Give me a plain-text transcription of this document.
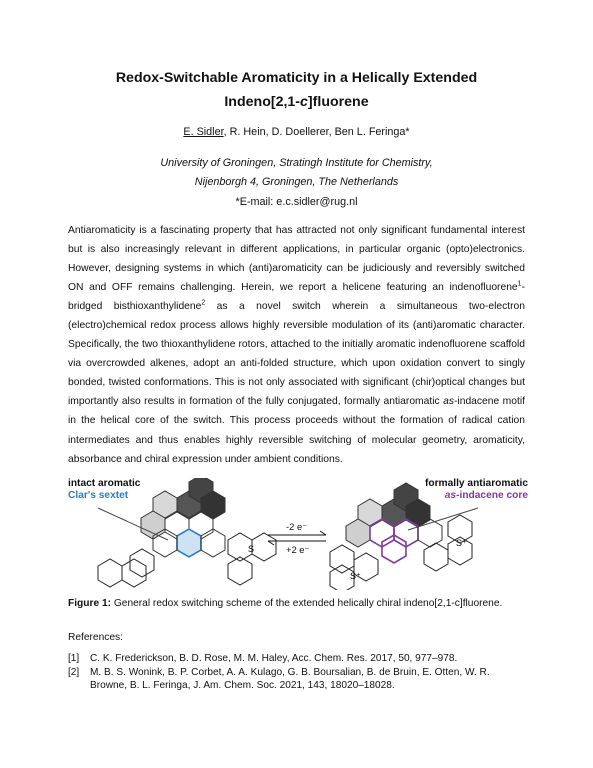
Redox-Switchable Aromaticity in a Helically Extended
Indeno[2,1-c]fluorene
E. Sidler, R. Hein, D. Doellerer, Ben L. Feringa*
University of Groningen, Stratingh Institute for Chemistry,
Nijenborgh 4, Groningen, The Netherlands
*E-mail: e.c.sidler@rug.nl

Antiaromaticity is a fascinating property that has attracted not only significant fundamental interest but is also increasingly relevant in different applications, in particular organic (opto)electronics. However, designing systems in which (anti)aromaticity can be judiciously and reversibly switched ON and OFF remains challenging. Herein, we report a helicene featuring an indenofluorene$^1$-bridged bisthioxanthylidene$^2$ as a novel switch wherein a simultaneous two-electron (electro)chemical redox process allows highly reversible modulation of its (anti)aromatic character. Specifically, the two thioxanthylidene rotors, attached to the initially aromatic indenofluorene scaffold via overcrowded alkenes, adopt an anti-folded structure, which upon oxidation convert to singly bonded, twisted conformations. This is not only associated with significant (chir)optical changes but importantly also results in formation of the fully conjugated, formally antiaromatic as-indacene motif in the helical core of the switch. This process proceeds without the formation of radical cation intermediates and thus enables highly reversible switching of molecular geometry, aromaticity, absorbance and chiral expression under ambient conditions.

S
S⁺
S⁺
intact aromatic
Clar's sextet
formally antiaromatic
as-indacene core
-2 e⁻
+2 e⁻
Figure 1: General redox switching scheme of the extended helically chiral indeno[2,1-c]fluorene.
References:
[1]	C. K. Frederickson, B. D. Rose, M. M. Haley, Acc. Chem. Res. 2017, 50, 977–978.
[2]	M. B. S. Wonink, B. P. Corbet, A. A. Kulago, G. B. Boursalian, B. de Bruin, E. Otten, W. R. Browne, B. L. Feringa, J. Am. Chem. Soc. 2021, 143, 18020–18028.
